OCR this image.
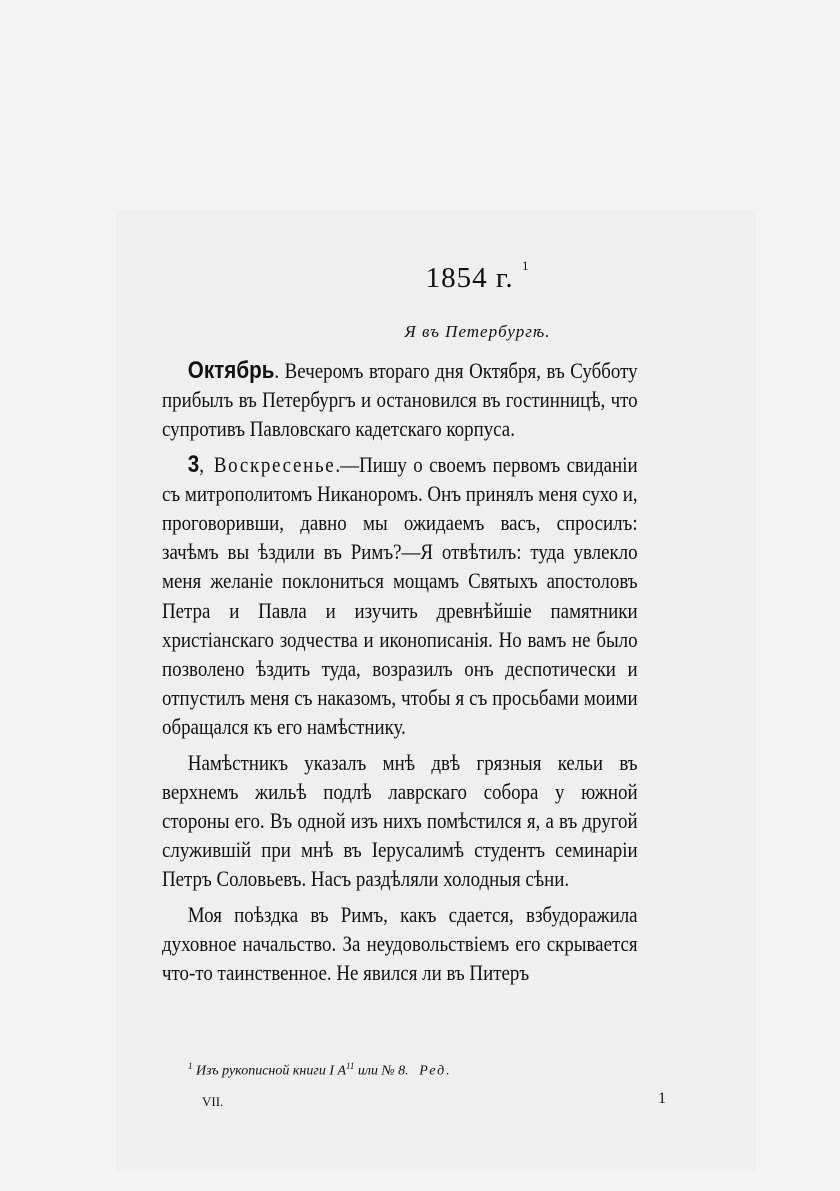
1854 г. $^1$
Я въ Петербургѣ.

Октябрь. Вечеромъ втораго дня Октября, въ Субботу прибылъ въ Петербургъ и остановился въ гостинницѣ, что супротивъ Павловскаго кадетскаго корпуса.

3, Воскресенье.—Пишу о своемъ первомъ свиданіи съ митрополитомъ Никаноромъ. Онъ принялъ меня сухо и, проговоривши, давно мы ожидаемъ васъ, спросилъ: зачѣмъ вы ѣздили въ Римъ?—Я отвѣтилъ: туда увлекло меня желаніе поклониться мощамъ Святыхъ апостоловъ Петра и Павла и изучить древнѣйшіе памятники христіанскаго зодчества и иконописанія. Но вамъ не было позволено ѣздить туда, возразилъ онъ деспотически и отпустилъ меня съ наказомъ, чтобы я съ просьбами моими обращался къ его намѣстнику.

Намѣстникъ указалъ мнѣ двѣ грязныя кельи въ верхнемъ жильѣ подлѣ лаврскаго собора у южной стороны его. Въ одной изъ нихъ помѣстился я, а въ другой служившій при мнѣ въ Іерусалимѣ студентъ семинаріи Петръ Соловьевъ. Насъ раздѣляли холодныя сѣни.

Моя поѣздка въ Римъ, какъ сдается, взбудоражила духовное начальство. За неудовольствіемъ его скрывается что-то таинственное. Не явился ли въ Питеръ

$^1$ Изъ рукописной книги I $А^{11}$ или № 8. Ред.
VII.	1
